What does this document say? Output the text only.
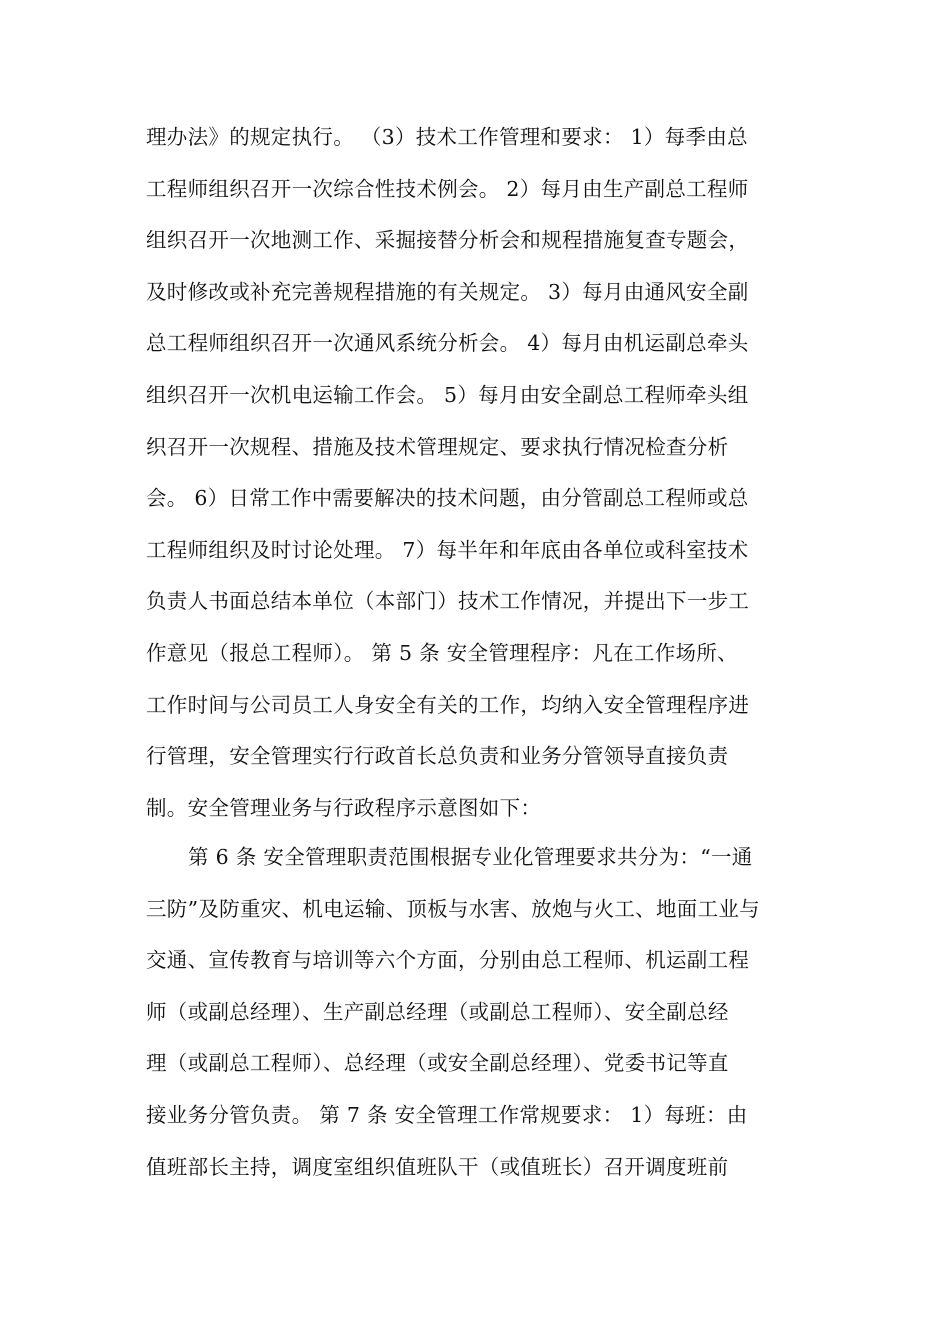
理办法》的规定执行。 （3）技术工作管理和要求： 1）每季由总
工程师组织召开一次综合性技术例会。 2）每月由生产副总工程师
组织召开一次地测工作、采掘接替分析会和规程措施复查专题会，
及时修改或补充完善规程措施的有关规定。 3）每月由通风安全副
总工程师组织召开一次通风系统分析会。 4）每月由机运副总牵头
组织召开一次机电运输工作会。 5）每月由安全副总工程师牵头组
织召开一次规程、措施及技术管理规定、要求执行情况检查分析
会。 6）日常工作中需要解决的技术问题，由分管副总工程师或总
工程师组织及时讨论处理。 7）每半年和年底由各单位或科室技术
负责人书面总结本单位（本部门）技术工作情况，并提出下一步工
作意见（报总工程师）。 第 5 条 安全管理程序：凡在工作场所、
工作时间与公司员工人身安全有关的工作，均纳入安全管理程序进
行管理，安全管理实行行政首长总负责和业务分管领导直接负责
制。安全管理业务与行政程序示意图如下：
第 6 条 安全管理职责范围根据专业化管理要求共分为：“一通
三防”及防重灾、机电运输、顶板与水害、放炮与火工、地面工业与
交通、宣传教育与培训等六个方面，分别由总工程师、机运副工程
师（或副总经理）、生产副总经理（或副总工程师）、安全副总经
理（或副总工程师）、总经理（或安全副总经理）、党委书记等直
接业务分管负责。 第 7 条 安全管理工作常规要求： 1）每班：由
值班部长主持，调度室组织值班队干（或值班长）召开调度班前
